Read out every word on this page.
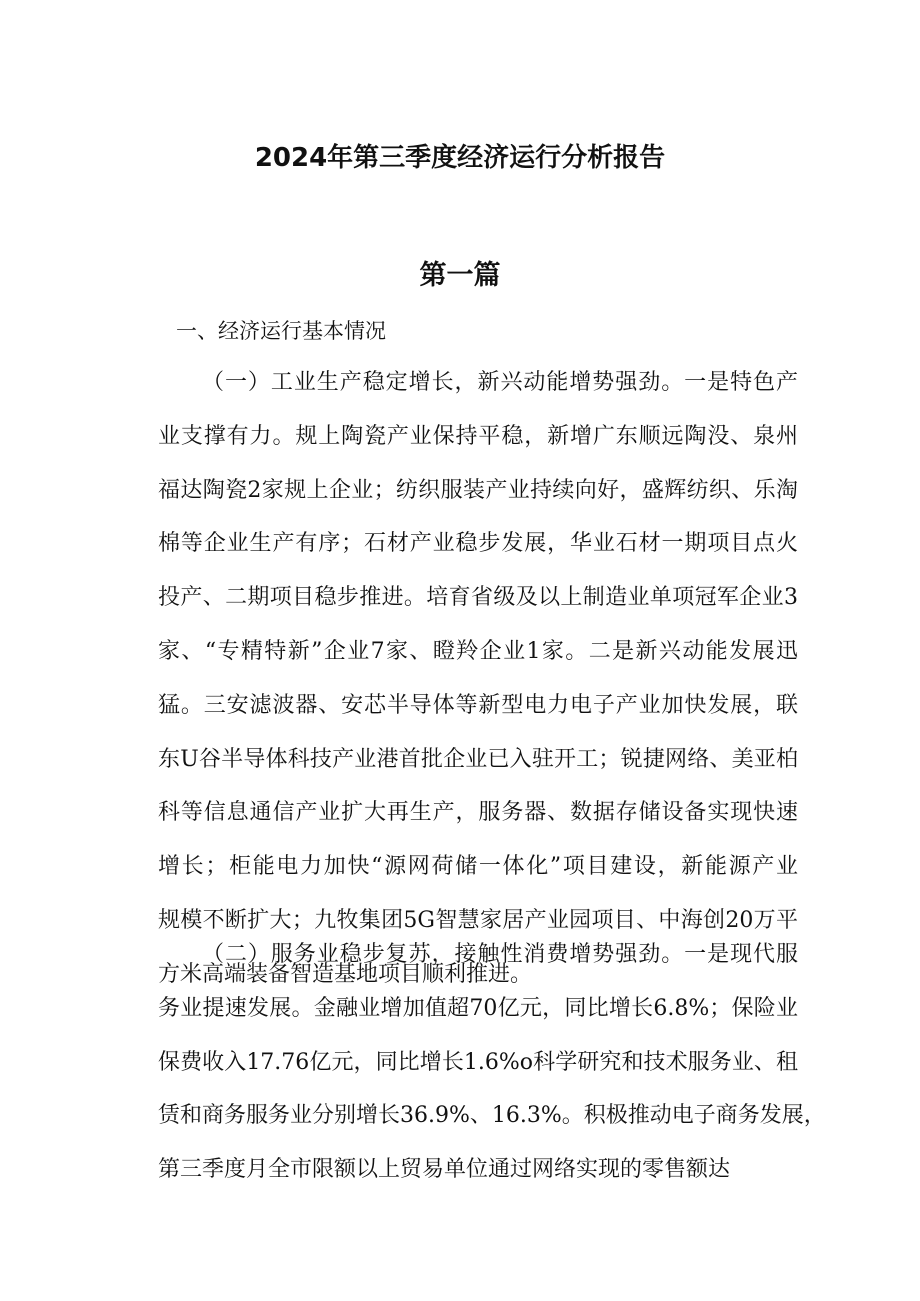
2024年第三季度经济运行分析报告
第一篇
一、经济运行基本情况
（一）工业生产稳定增长，新兴动能增势强劲。一是特色产
业支撑有力。规上陶瓷产业保持平稳，新增广东顺远陶没、泉州
福达陶瓷2家规上企业；纺织服装产业持续向好，盛辉纺织、乐淘
棉等企业生产有序；石材产业稳步发展，华业石材一期项目点火
投产、二期项目稳步推进。培育省级及以上制造业单项冠军企业3
家、“专精特新”企业7家、瞪羚企业1家。二是新兴动能发展迅
猛。三安滤波器、安芯半导体等新型电力电子产业加快发展，联
东U谷半导体科技产业港首批企业已入驻开工；锐捷网络、美亚柏
科等信息通信产业扩大再生产，服务器、数据存储设备实现快速
增长；柜能电力加快“源网荷储一体化”项目建设，新能源产业
规模不断扩大；九牧集团5G智慧家居产业园项目、中海创20万平
方米高端装备智造基地项目顺利推进。
（二）服务业稳步复苏，接触性消费增势强劲。一是现代服
务业提速发展。金融业增加值超70亿元，同比增长6.8%；保险业
保费收入17.76亿元，同比增长1.6%o科学研究和技术服务业、租
赁和商务服务业分别增长36.9%、16.3%。积极推动电子商务发展，
第三季度月全市限额以上贸易单位通过网络实现的零售额达
